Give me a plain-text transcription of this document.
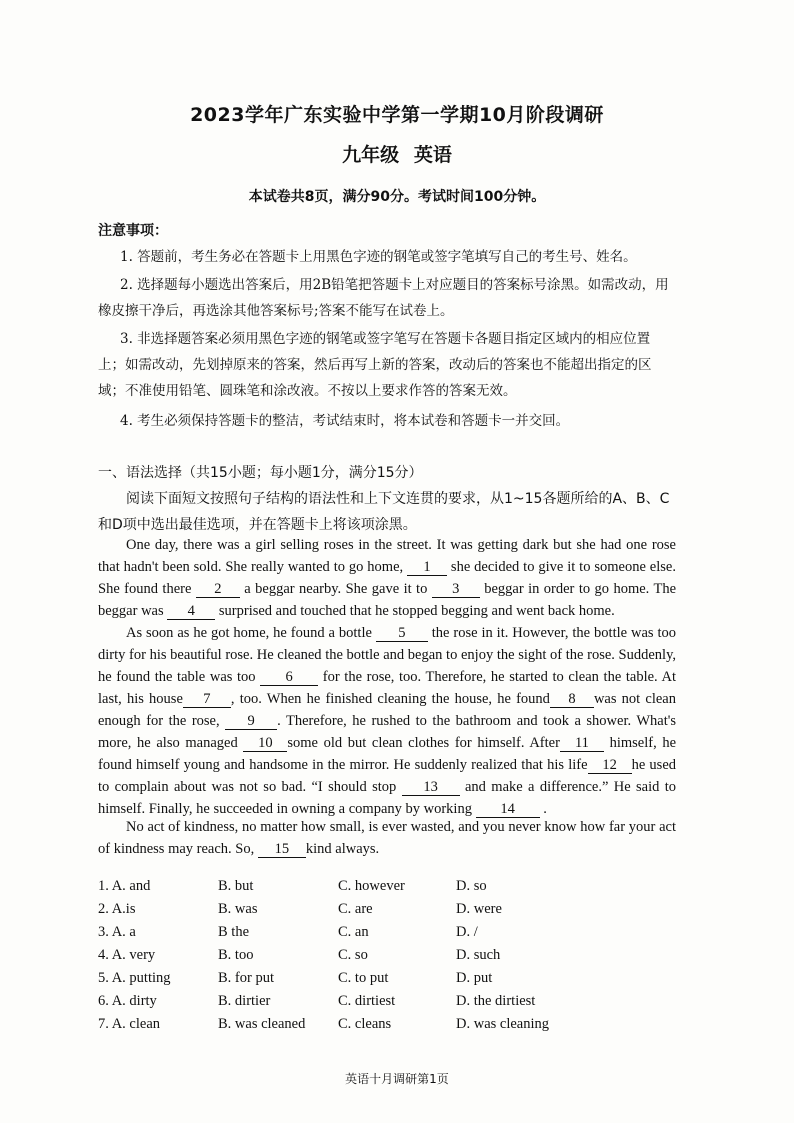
2023学年广东实验中学第一学期10月阶段调研
九年级 英语
本试卷共8页，满分90分。考试时间100分钟。
注意事项：
1. 答题前，考生务必在答题卡上用黑色字迹的钢笔或签字笔填写自己的考生号、姓名。
2. 选择题每小题选出答案后，用2B铅笔把答题卡上对应题目的答案标号涂黑。如需改动，用橡皮擦干净后，再选涂其他答案标号;答案不能写在试卷上。
3. 非选择题答案必须用黑色字迹的钢笔或签字笔写在答题卡各题目指定区域内的相应位置上；如需改动，先划掉原来的答案，然后再写上新的答案，改动后的答案也不能超出指定的区域；不准使用铅笔、圆珠笔和涂改液。不按以上要求作答的答案无效。
4. 考生必须保持答题卡的整洁，考试结束时，将本试卷和答题卡一并交回。
一、语法选择（共15小题；每小题1分，满分15分）
阅读下面短文按照句子结构的语法性和上下文连贯的要求，从1~15各题所给的A、B、C和D项中选出最佳选项，并在答题卡上将该项涂黑。
One day, there was a girl selling roses in the street. It was getting dark but she had one rose that hadn't been sold. She really wanted to go home, 1 she decided to give it to someone else. She found there 2 a beggar nearby. She gave it to 3 beggar in order to go home. The beggar was 4 surprised and touched that he stopped begging and went back home.
As soon as he got home, he found a bottle 5 the rose in it. However, the bottle was too dirty for his beautiful rose. He cleaned the bottle and began to enjoy the sight of the rose. Suddenly, he found the table was too 6 for the rose, too. Therefore, he started to clean the table. At last, his house 7 , too. When he finished cleaning the house, he found 8 was not clean enough for the rose, 9 . Therefore, he rushed to the bathroom and took a shower. What's more, he also managed 10 some old but clean clothes for himself. After 11 himself, he found himself young and handsome in the mirror. He suddenly realized that his life 12 he used to complain about was not so bad. “I should stop 13 and make a difference.” He said to himself. Finally, he succeeded in owning a company by working 14 .
No act of kindness, no matter how small, is ever wasted, and you never know how far your act of kindness may reach. So, 15 kind always.
1. A. and	B. but	C. however	D. so
2. A.is	B. was	C. are	D. were
3. A. a	B the	C. an	D. /
4. A. very	B. too	C. so	D. such
5. A. putting	B. for put	C. to put	D. put
6. A. dirty	B. dirtier	C. dirtiest	D. the dirtiest
7. A. clean	B. was cleaned C. cleans	D. was cleaning
英语十月调研第1页
